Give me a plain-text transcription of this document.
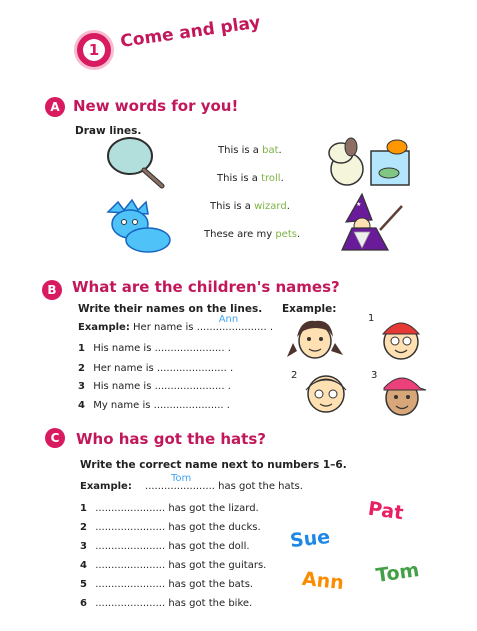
1	Come and play
A New words for you!
Draw lines.
This is a bat.
This is a troll.
This is a wizard.
These are my pets.
★
B	What are the children's names?
Write their names on the lines. Example:
Example: Her name is ......................
Ann
.
1 His name is ...................... .
2 Her name is ...................... .
3 His name is ...................... .
4 My name is ...................... .
1
2	3
C	Who has got the hats?
Write the correct name next to numbers 1–6.
Example: ......................
Tom
has got the hats.
1 ...................... has got the lizard.
2 ...................... has got the ducks.
3 ...................... has got the doll.
4 ...................... has got the guitars.
5 ...................... has got the bats.
6 ...................... has got the bike.
Pat
Sue
Ann Tom
